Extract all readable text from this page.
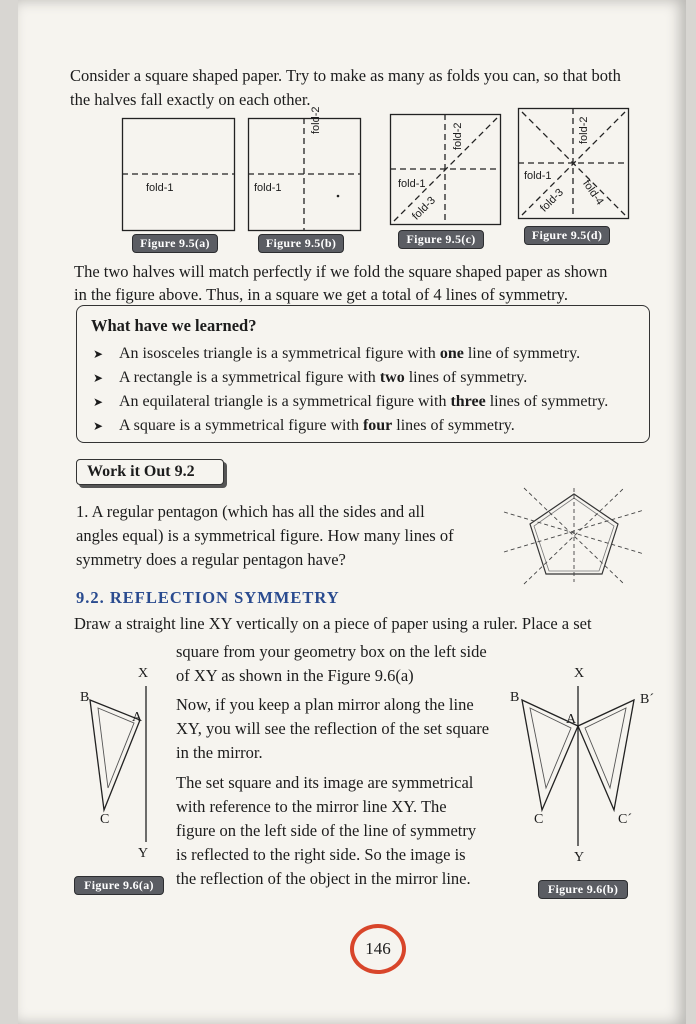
Consider a square shaped paper. Try to make as many as folds you can, so that both

the halves fall exactly on each other.

fold-1
Figure 9.5(a)
fold-1
fold-2
Figure 9.5(b)
fold-1
fold-2
fold-3
Figure 9.5(c)
fold-1
fold-2
fold-3 fold-4
Figure 9.5(d)

The two halves will match perfectly if we fold the square shaped paper as shown

in the figure above. Thus, in a square we get a total of 4 lines of symmetry.

What have we learned?
➤ An isosceles triangle is a symmetrical figure with one line of symmetry.
➤ A rectangle is a symmetrical figure with two lines of symmetry.
➤ An equilateral triangle is a symmetrical figure with three lines of symmetry.
➤ A square is a symmetrical figure with four lines of symmetry.
Work it Out 9.2

1. A regular pentagon (which has all the sides and all

angles equal) is a symmetrical figure. How many lines of

symmetry does a regular pentagon have?

9.2. REFLECTION SYMMETRY

Draw a straight line XY vertically on a piece of paper using a ruler. Place a set

square from your geometry box on the left side

of XY as shown in the Figure 9.6(a)

Now, if you keep a plan mirror along the line

XY, you will see the reflection of the set square

in the mirror.

The set square and its image are symmetrical

with reference to the mirror line XY. The

figure on the left side of the line of symmetry

is reflected to the right side. So the image is

the reflection of the object in the mirror line.

X
B
A
C
Y
Figure 9.6(a)
X
B	B´
A
C	C´
Y
Figure 9.6(b)
146
